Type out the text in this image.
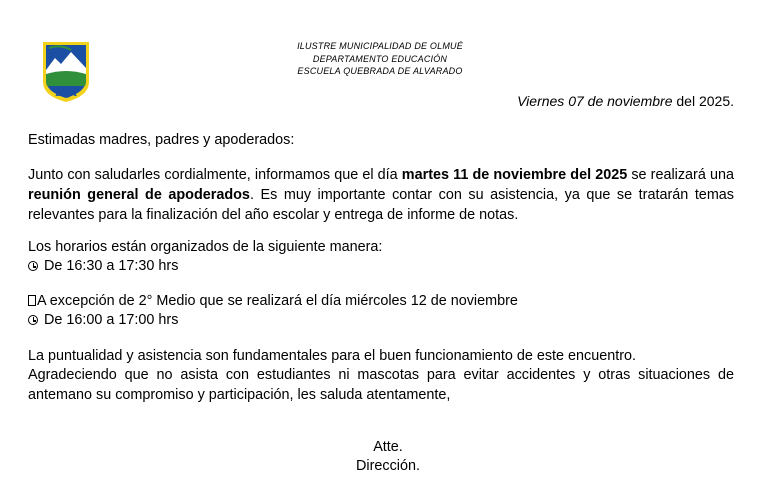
EQA
ILUSTRE MUNICIPALIDAD DE OLMUÉ
DEPARTAMENTO EDUCACIÓN
ESCUELA QUEBRADA DE ALVARADO
Viernes 07 de noviembre del 2025.
Estimadas madres, padres y apoderados:
Junto con saludarles cordialmente, informamos que el día martes 11 de noviembre del 2025 se realizará una reunión general de apoderados. Es muy importante contar con su asistencia, ya que se tratarán temas relevantes para la finalización del año escolar y entrega de informe de notas.
Los horarios están organizados de la siguiente manera:
De 16:30 a 17:30 hrs
A excepción de 2° Medio que se realizará el día miércoles 12 de noviembre
De 16:00 a 17:00 hrs
La puntualidad y asistencia son fundamentales para el buen funcionamiento de este encuentro.
Agradeciendo que no asista con estudiantes ni mascotas para evitar accidentes y otras situaciones de antemano su compromiso y participación, les saluda atentamente,
Atte.
Dirección.
